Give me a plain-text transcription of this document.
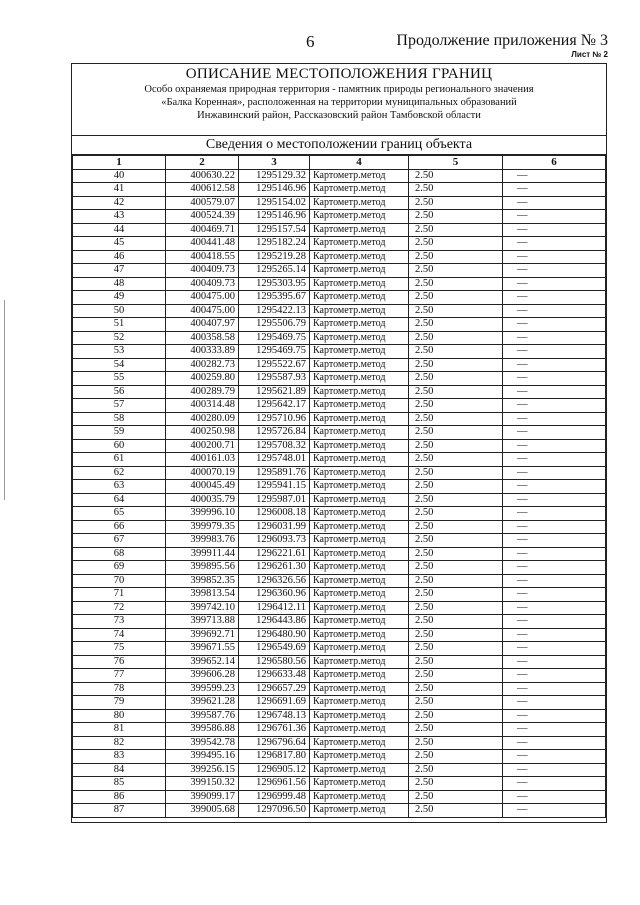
6	Продолжение приложения № 3
Лист № 2

ОПИСАНИЕ МЕСТОПОЛОЖЕНИЯ ГРАНИЦ

Особо охраняемая природная территория - памятник природы регионального значения

«Балка Коренная», расположенная на территории муниципальных образований

Инжавинский район, Рассказовский район Тамбовской области

Сведения о местоположении границ объекта
1	2	3	4	5	6
40	400630.22	1295129.32	Картометр.метод	2.50	—
41	400612.58	1295146.96	Картометр.метод	2.50	—
42	400579.07	1295154.02	Картометр.метод	2.50	—
43	400524.39	1295146.96	Картометр.метод	2.50	—
44	400469.71	1295157.54	Картометр.метод	2.50	—
45	400441.48	1295182.24	Картометр.метод	2.50	—
46	400418.55	1295219.28	Картометр.метод	2.50	—
47	400409.73	1295265.14	Картометр.метод	2.50	—
48	400409.73	1295303.95	Картометр.метод	2.50	—
49	400475.00	1295395.67	Картометр.метод	2.50	—
50	400475.00	1295422.13	Картометр.метод	2.50	—
51	400407.97	1295506.79	Картометр.метод	2.50	—
52	400358.58	1295469.75	Картометр.метод	2.50	—
53	400333.89	1295469.75	Картометр.метод	2.50	—
54	400282.73	1295522.67	Картометр.метод	2.50	—
55	400259.80	1295587.93	Картометр.метод	2.50	—
56	400289.79	1295621.89	Картометр.метод	2.50	—
57	400314.48	1295642.17	Картометр.метод	2.50	—
58	400280.09	1295710.96	Картометр.метод	2.50	—
59	400250.98	1295726.84	Картометр.метод	2.50	—
60	400200.71	1295708.32	Картометр.метод	2.50	—
61	400161.03	1295748.01	Картометр.метод	2.50	—
62	400070.19	1295891.76	Картометр.метод	2.50	—
63	400045.49	1295941.15	Картометр.метод	2.50	—
64	400035.79	1295987.01	Картометр.метод	2.50	—
65	399996.10	1296008.18	Картометр.метод	2.50	—
66	399979.35	1296031.99	Картометр.метод	2.50	—
67	399983.76	1296093.73	Картометр.метод	2.50	—
68	399911.44	1296221.61	Картометр.метод	2.50	—
69	399895.56	1296261.30	Картометр.метод	2.50	—
70	399852.35	1296326.56	Картометр.метод	2.50	—
71	399813.54	1296360.96	Картометр.метод	2.50	—
72	399742.10	1296412.11	Картометр.метод	2.50	—
73	399713.88	1296443.86	Картометр.метод	2.50	—
74	399692.71	1296480.90	Картометр.метод	2.50	—
75	399671.55	1296549.69	Картометр.метод	2.50	—
76	399652.14	1296580.56	Картометр.метод	2.50	—
77	399606.28	1296633.48	Картометр.метод	2.50	—
78	399599.23	1296657.29	Картометр.метод	2.50	—
79	399621.28	1296691.69	Картометр.метод	2.50	—
80	399587.76	1296748.13	Картометр.метод	2.50	—
81	399586.88	1296761.36	Картометр.метод	2.50	—
82	399542.78	1296796.64	Картометр.метод	2.50	—
83	399495.16	1296817.80	Картометр.метод	2.50	—
84	399256.15	1296905.12	Картометр.метод	2.50	—
85	399150.32	1296961.56	Картометр.метод	2.50	—
86	399099.17	1296999.48	Картометр.метод	2.50	—
87	399005.68	1297096.50	Картометр.метод	2.50	—
